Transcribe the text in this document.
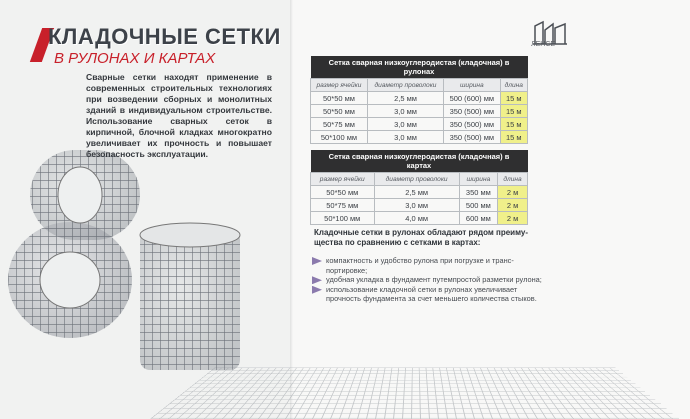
КЛАДОЧНЫЕ СЕТКИ
В РУЛОНАХ И КАРТАХ
Сварные сетки находят применение в современных строительных технологиях при возведении сборных и монолитных зданий в индивидуальном строительстве. Использование сварных сеток в кирпичной, блочной кладках многократно увеличивает их прочность и повышает безопасность эксплуатации.
ЛЕНСЕ
Сетка сварная низкоуглеродистая (кладочная) в рулонах			
размер ячейки	диаметр проволоки	ширина	длина
50*50 мм	2,5 мм	500 (600) мм	15 м
50*50 мм	3,0 мм	350 (500) мм	15 м
50*75 мм	3,0 мм	350 (500) мм	15 м
50*100 мм	3,0 мм	350 (500) мм	15 м
Сетка сварная низкоуглеродистая (кладочная) в картах			
размер ячейки	диаметр проволоки	ширина	длина
50*50 мм	2,5 мм	350 мм	2 м
50*75 мм	3,0 мм	500 мм	2 м
50*100 мм	4,0 мм	600 мм	2 м
Кладочные сетки в рулонах обладают рядом преиму-щества по сравнению с сетками в картах:
компактность и удобство рулона при погрузке и транс-портировке;
удобная укладка в фундамент путемпростой разметки рулона;
использование кладочной сетки в рулонах увеличивает прочность фундамента за счет меньшего количества стыков.
